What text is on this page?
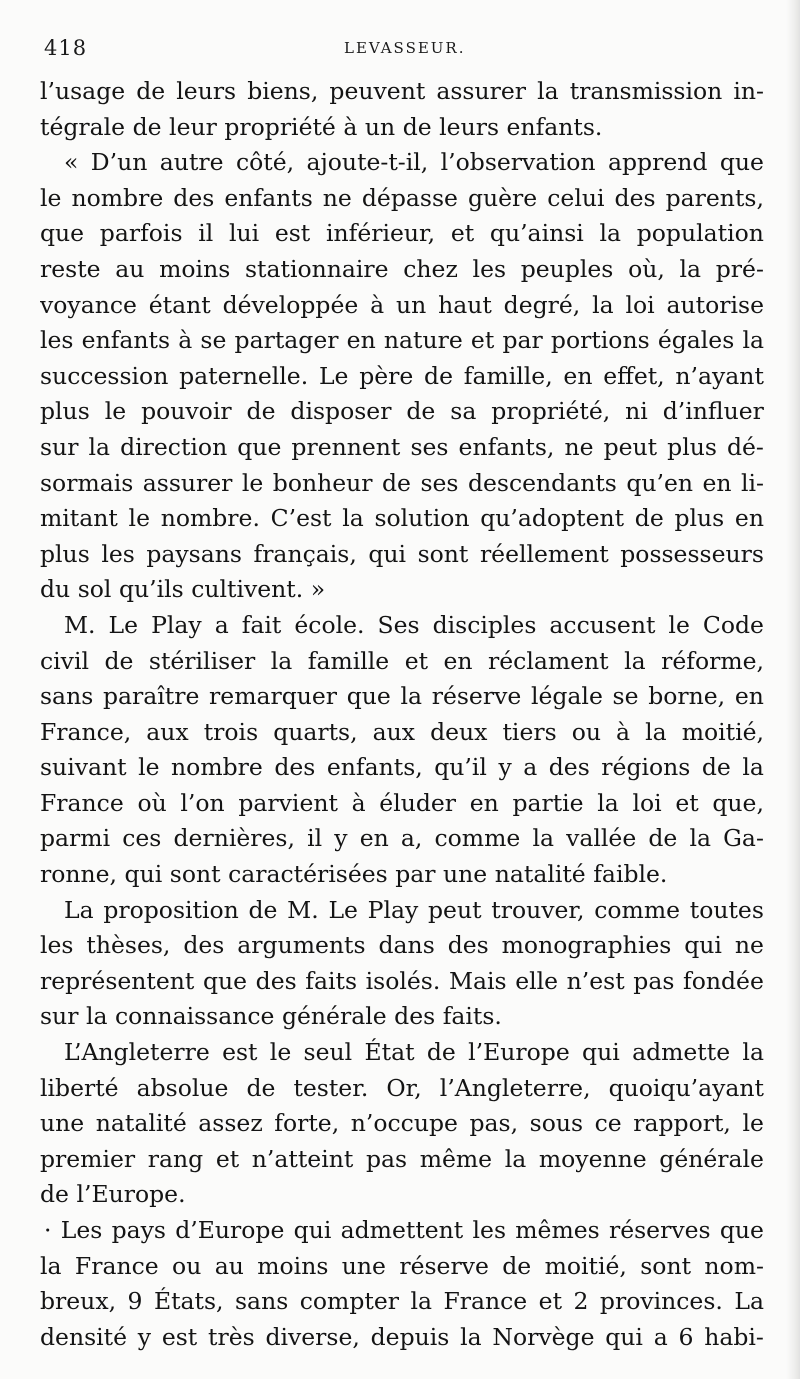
418	LEVASSEUR.
l’usage de leurs biens, peuvent assurer la transmission in-
tégrale de leur propriété à un de leurs enfants.
« D’un autre côté, ajoute-t-il, l’observation apprend que
le nombre des enfants ne dépasse guère celui des parents,
que parfois il lui est inférieur, et qu’ainsi la population
reste au moins stationnaire chez les peuples où, la pré-
voyance étant développée à un haut degré, la loi autorise
les enfants à se partager en nature et par portions égales la
succession paternelle. Le père de famille, en effet, n’ayant
plus le pouvoir de disposer de sa propriété, ni d’influer
sur la direction que prennent ses enfants, ne peut plus dé-
sormais assurer le bonheur de ses descendants qu’en en li-
mitant le nombre. C’est la solution qu’adoptent de plus en
plus les paysans français, qui sont réellement possesseurs
du sol qu’ils cultivent. »
M. Le Play a fait école. Ses disciples accusent le Code
civil de stériliser la famille et en réclament la réforme,
sans paraître remarquer que la réserve légale se borne, en
France, aux trois quarts, aux deux tiers ou à la moitié,
suivant le nombre des enfants, qu’il y a des régions de la
France où l’on parvient à éluder en partie la loi et que,
parmi ces dernières, il y en a, comme la vallée de la Ga-
ronne, qui sont caractérisées par une natalité faible.
La proposition de M. Le Play peut trouver, comme toutes
les thèses, des arguments dans des monographies qui ne
représentent que des faits isolés. Mais elle n’est pas fondée
sur la connaissance générale des faits.
L’Angleterre est le seul État de l’Europe qui admette la
liberté absolue de tester. Or, l’Angleterre, quoiqu’ayant
une natalité assez forte, n’occupe pas, sous ce rapport, le
premier rang et n’atteint pas même la moyenne générale
de l’Europe.
· Les pays d’Europe qui admettent les mêmes réserves que
la France ou au moins une réserve de moitié, sont nom-
breux, 9 États, sans compter la France et 2 provinces. La
densité y est très diverse, depuis la Norvège qui a 6 habi-
